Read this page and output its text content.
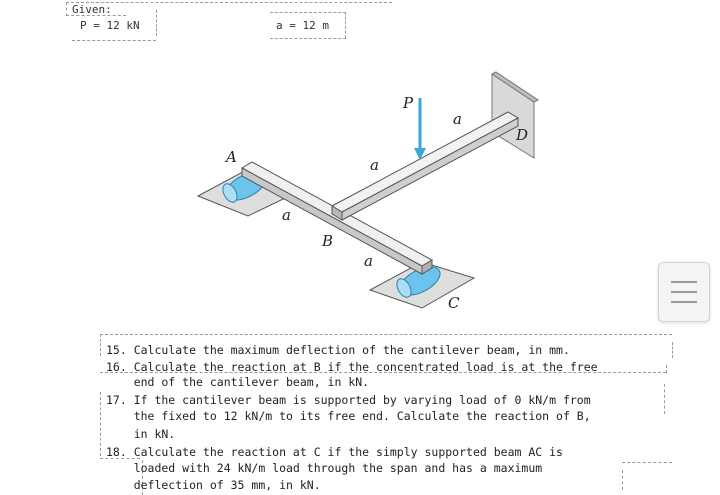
Given:
P = 12 kN	a = 12 m
P
A
B
C
D
a
a
a
a
15. Calculate the maximum deflection of the cantilever beam, in mm.
16. Calculate the reaction at B if the concentrated load is at the free
end of the cantilever beam, in kN.
17. If the cantilever beam is supported by varying load of 0 kN/m from
the fixed to 12 kN/m to its free end. Calculate the reaction of B,
in kN.
18. Calculate the reaction at C if the simply supported beam AC is
loaded with 24 kN/m load through the span and has a maximum
deflection of 35 mm, in kN.
